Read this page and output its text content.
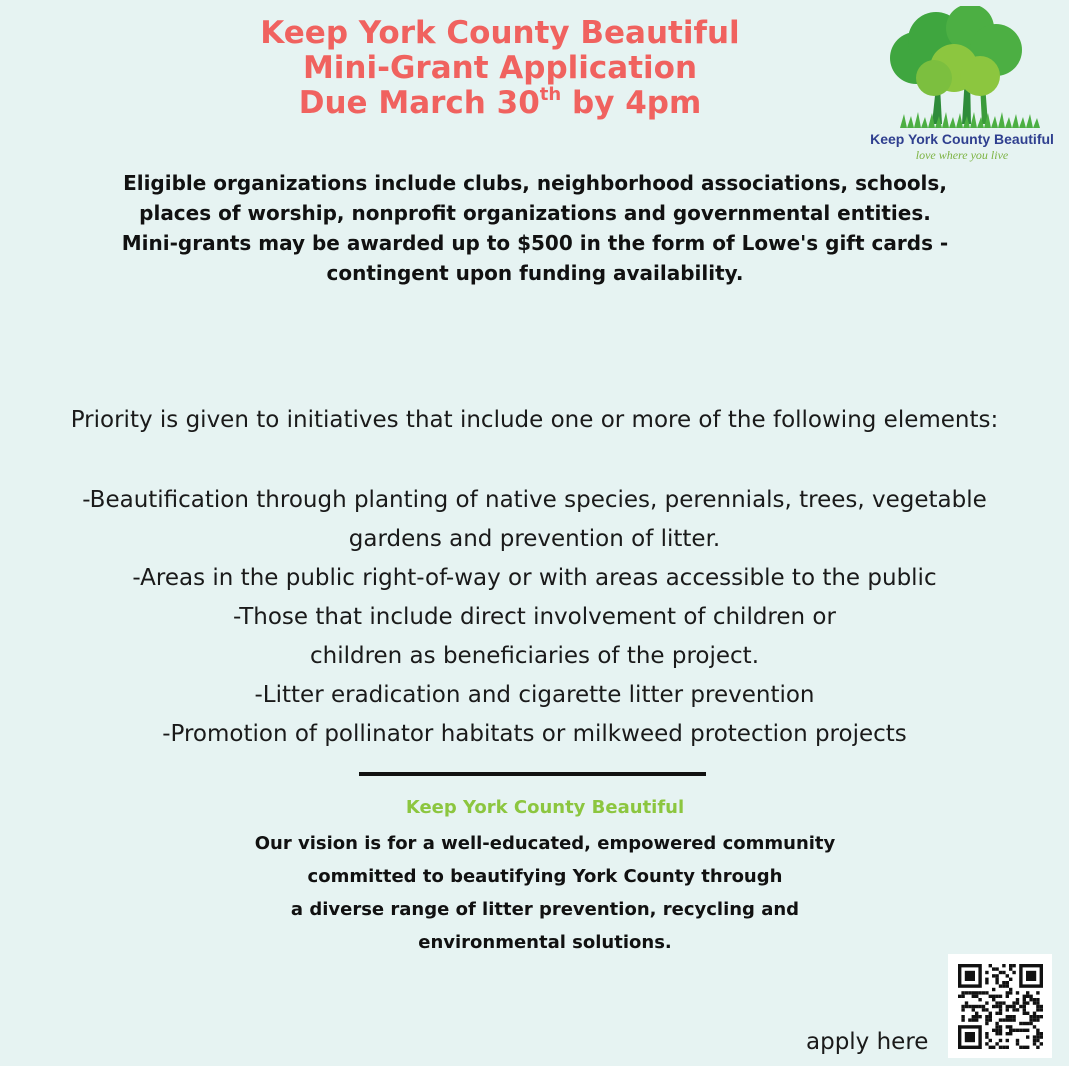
Keep York County Beautiful
Mini-Grant Application
Due March 30th by 4pm
Keep York County Beautiful
love where you live
Eligible organizations include clubs, neighborhood associations, schools,
places of worship, nonprofit organizations and governmental entities.
Mini-grants may be awarded up to $500 in the form of Lowe's gift cards -
contingent upon funding availability.

Priority is given to initiatives that include one or more of the following elements:

-Beautification through planting of native species, perennials, trees, vegetable
gardens and prevention of litter.
-Areas in the public right-of-way or with areas accessible to the public
-Those that include direct involvement of children or
children as beneficiaries of the project.
-Litter eradication and cigarette litter prevention
-Promotion of pollinator habitats or milkweed protection projects

Keep York County Beautiful

Our vision is for a well-educated, empowered community
committed to beautifying York County through
a diverse range of litter prevention, recycling and
environmental solutions.
apply here
